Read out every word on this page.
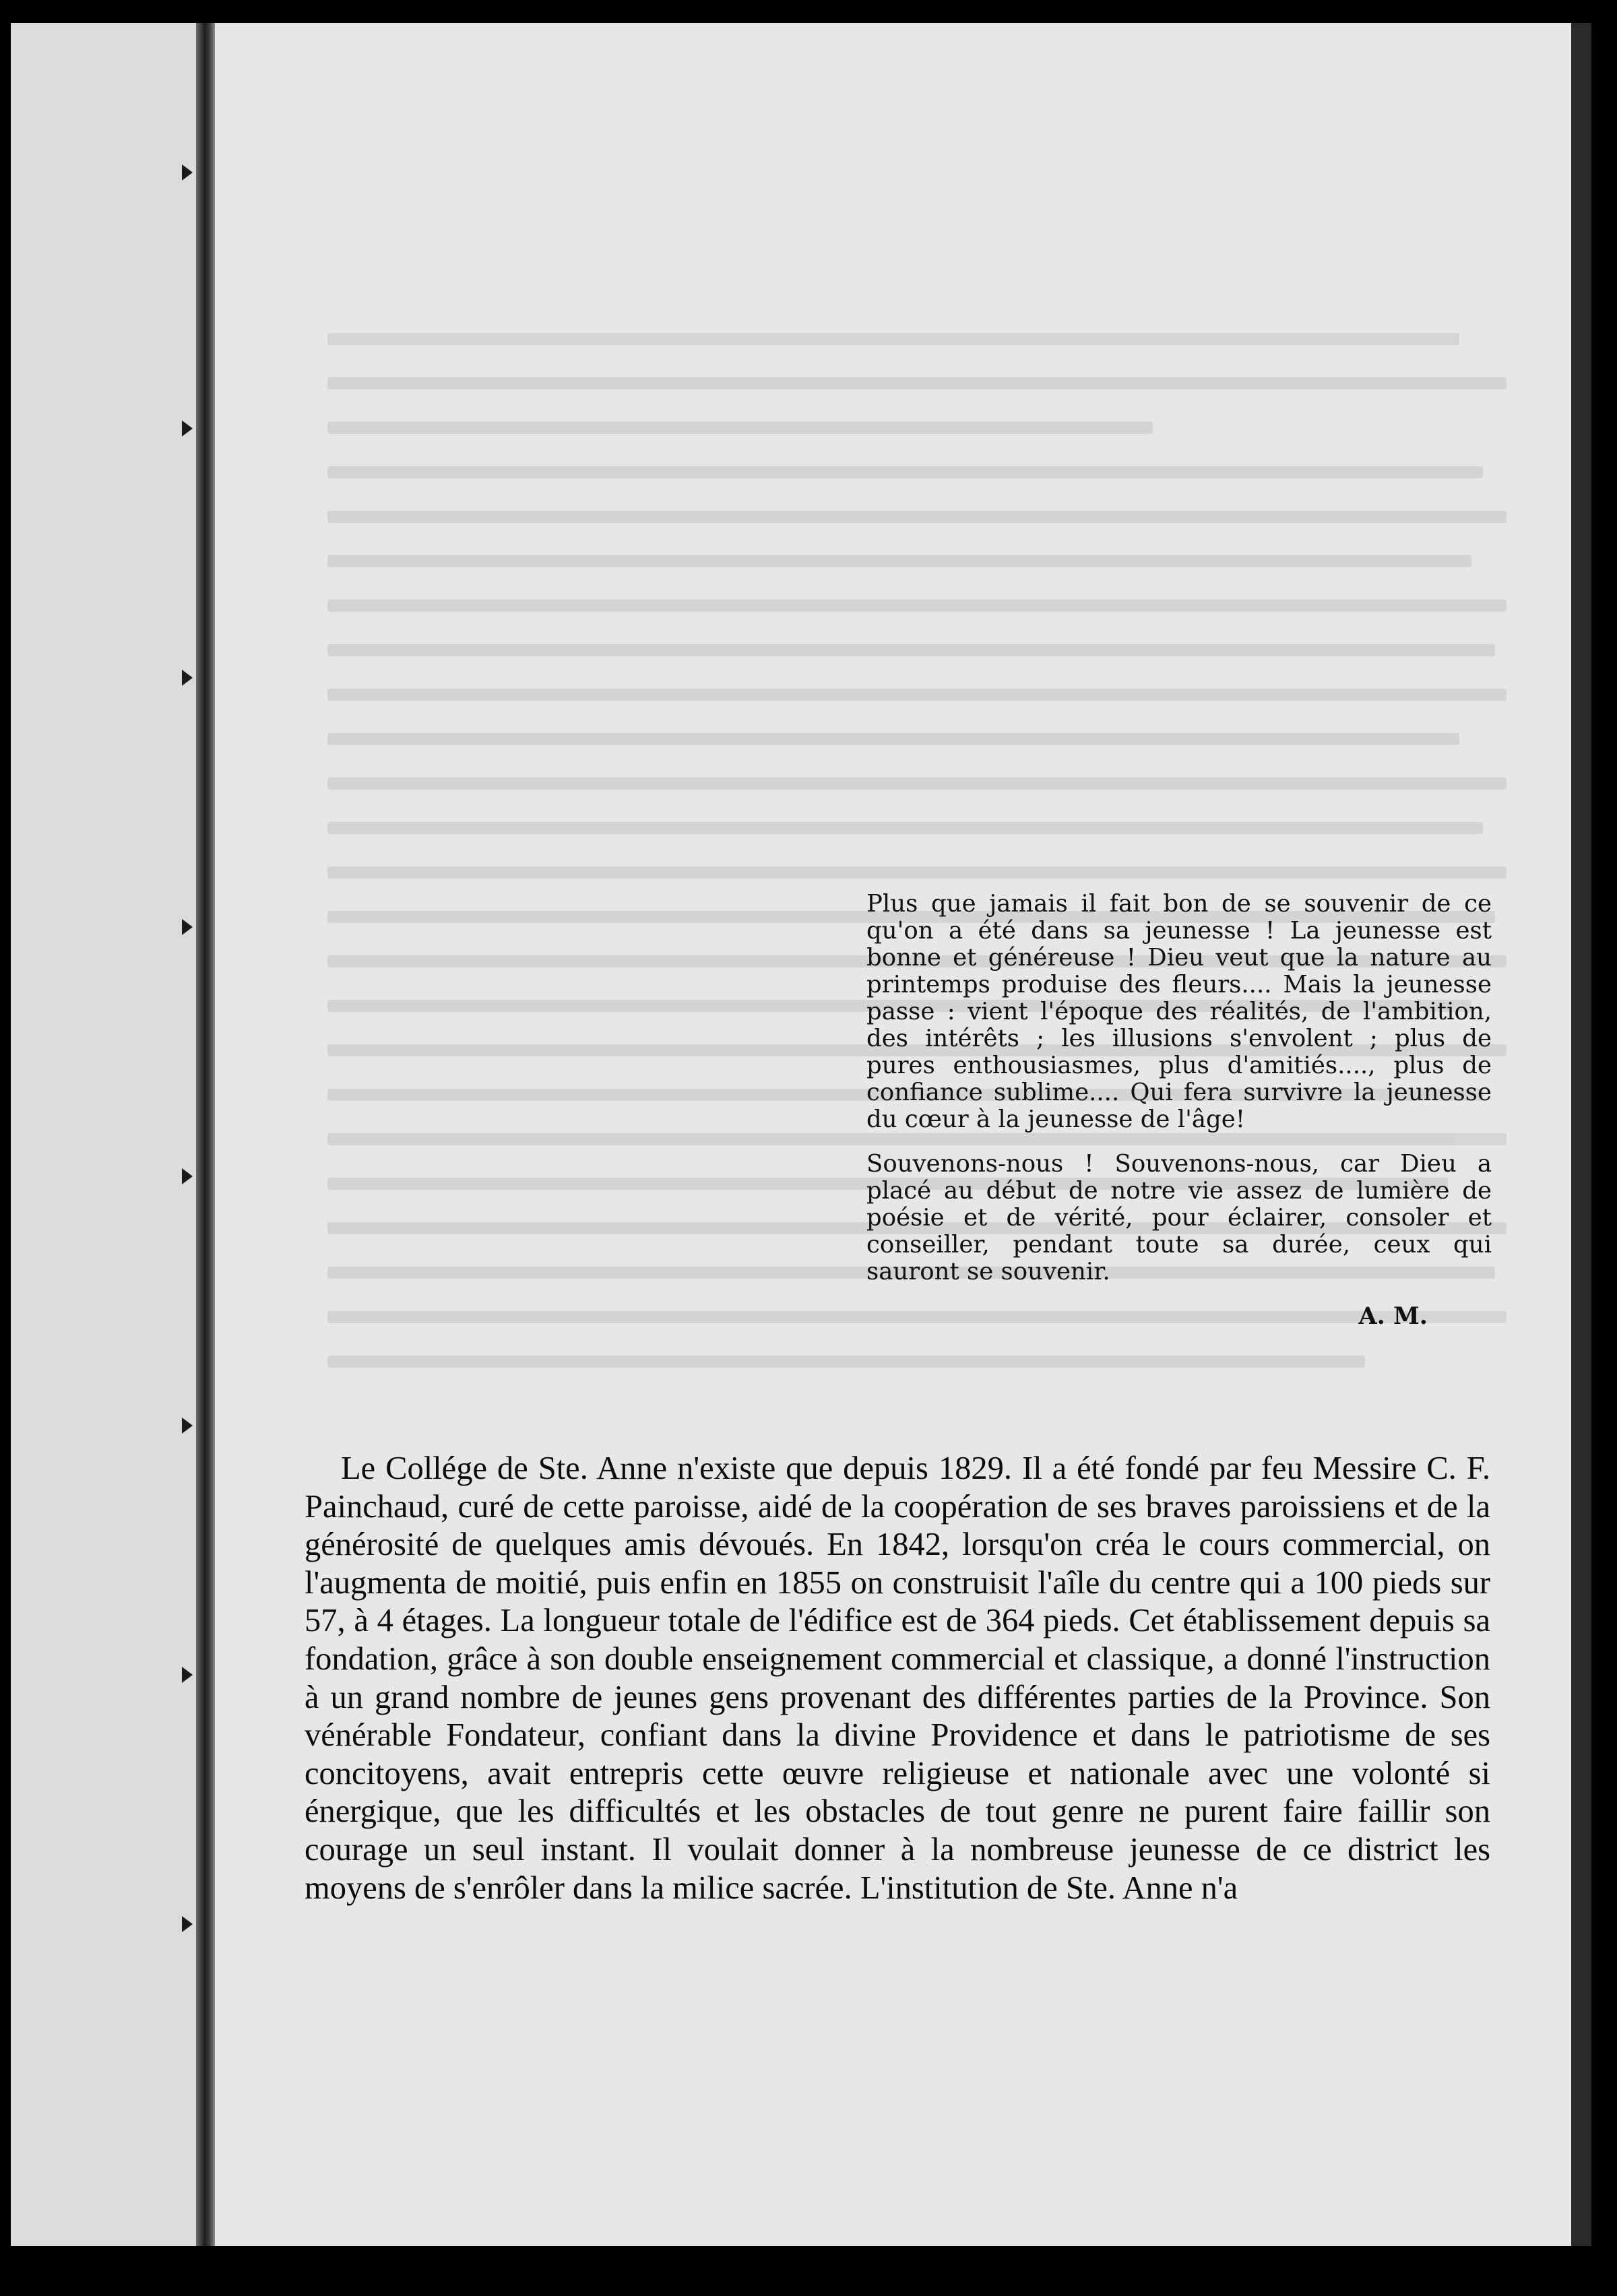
Plus que jamais il fait bon de se souvenir de ce qu'on a été dans sa jeunesse ! La jeunesse est bonne et généreuse ! Dieu veut que la nature au printemps produise des fleurs.... Mais la jeunesse passe : vient l'époque des réalités, de l'ambition, des intérêts ; les illusions s'envolent ; plus de pures enthousiasmes, plus d'amitiés...., plus de confiance sublime.... Qui fera survivre la jeunesse du cœur à la jeunesse de l'âge!

Souvenons-nous ! Souvenons-nous, car Dieu a placé au début de notre vie assez de lumière de poésie et de vérité, pour éclairer, consoler et conseiller, pendant toute sa durée, ceux qui sauront se souvenir.

A. M.

Le Collége de Ste. Anne n'existe que depuis 1829. Il a été fondé par feu Messire C. F. Painchaud, curé de cette paroisse, aidé de la coopération de ses braves paroissiens et de la générosité de quelques amis dévoués. En 1842, lorsqu'on créa le cours commercial, on l'augmenta de moitié, puis enfin en 1855 on construisit l'aîle du centre qui a 100 pieds sur 57, à 4 étages. La longueur totale de l'édifice est de 364 pieds. Cet établissement depuis sa fondation, grâce à son double enseignement commercial et classique, a donné l'instruction à un grand nombre de jeunes gens provenant des différentes parties de la Province. Son vénérable Fondateur, confiant dans la divine Providence et dans le patriotisme de ses concitoyens, avait entrepris cette œuvre religieuse et nationale avec une volonté si énergique, que les difficultés et les obstacles de tout genre ne purent faire faillir son courage un seul instant. Il voulait donner à la nombreuse jeunesse de ce district les moyens de s'enrôler dans la milice sacrée. L'institution de Ste. Anne n'a
